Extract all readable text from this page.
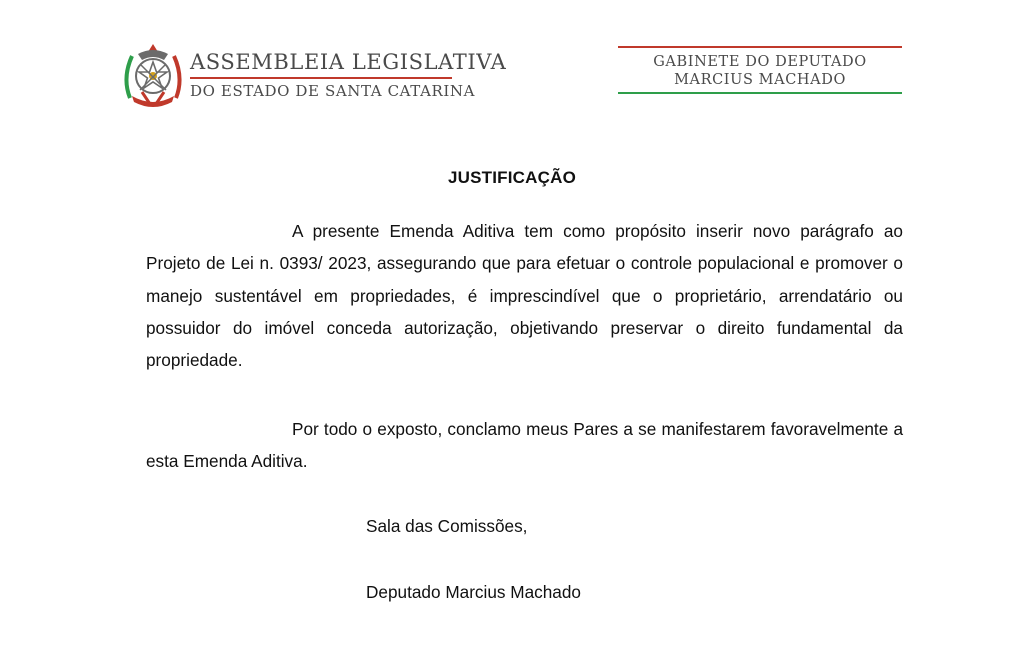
ASSEMBLEIA LEGISLATIVA
DO ESTADO DE SANTA CATARINA
GABINETE DO DEPUTADO
MARCIUS MACHADO
JUSTIFICAÇÃO

A presente Emenda Aditiva tem como propósito inserir novo parágrafo ao Projeto de Lei n. 0393/ 2023, assegurando que para efetuar o controle populacional e promover o manejo sustentável em propriedades, é imprescindível que o proprietário, arrendatário ou possuidor do imóvel conceda autorização, objetivando preservar o direito fundamental da propriedade.

Por todo o exposto, conclamo meus Pares a se manifestarem favoravelmente a esta Emenda Aditiva.

Sala das Comissões,
Deputado Marcius Machado
